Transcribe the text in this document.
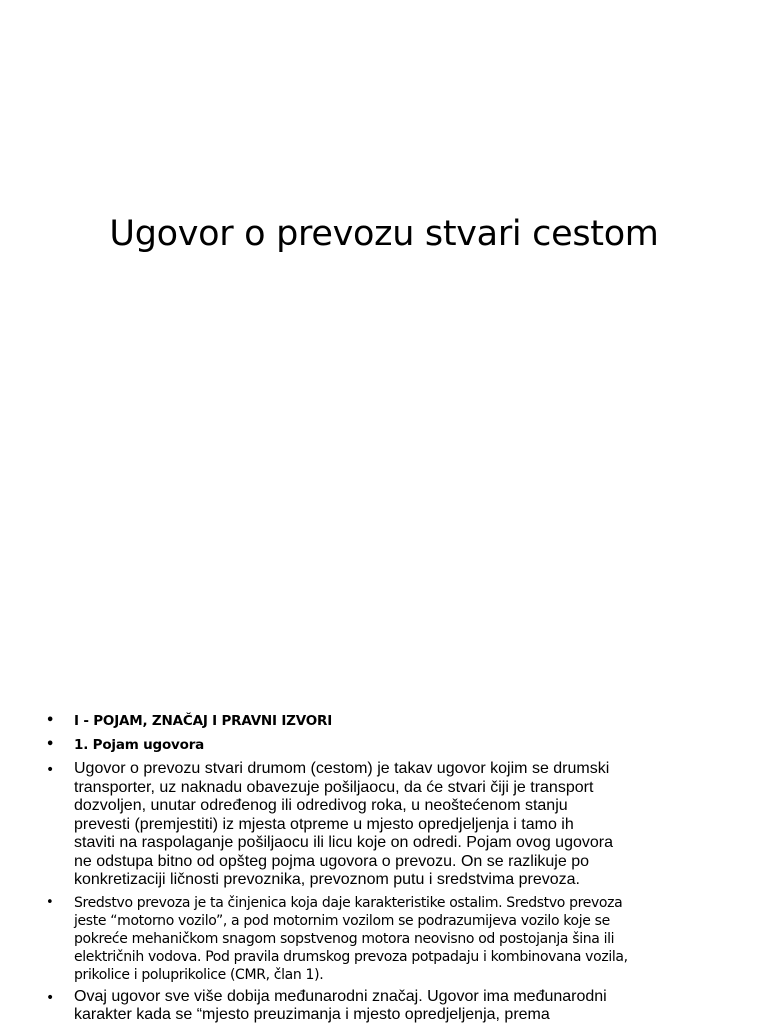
Ugovor o prevozu stvari cestom
• I - POJAM, ZNAČAJ I PRAVNI IZVORI
• 1. Pojam ugovora
• Ugovor o prevozu stvari drumom (cestom) je takav ugovor kojim se drumski
transporter, uz naknadu obavezuje pošiljaocu, da će stvari čiji je transport
dozvoljen, unutar određenog ili odredivog roka, u neoštećenom stanju
prevesti (premjestiti) iz mjesta otpreme u mjesto opredjeljenja i tamo ih
staviti na raspolaganje pošiljaocu ili licu koje on odredi. Pojam ovog ugovora
ne odstupa bitno od opšteg pojma ugovora o prevozu. On se razlikuje po
konkretizaciji ličnosti prevoznika, prevoznom putu i sredstvima prevoza.
• Sredstvo prevoza je ta činjenica koja daje karakteristike ostalim. Sredstvo prevoza
jeste “motorno vozilo”, a pod motornim vozilom se podrazumijeva vozilo koje se
pokreće mehaničkom snagom sopstvenog motora neovisno od postojanja šina ili
električnih vodova. Pod pravila drumskog prevoza potpadaju i kombinovana vozila,
prikolice i poluprikolice (CMR, član 1).
• Ovaj ugovor sve više dobija međunarodni značaj. Ugovor ima međunarodni
karakter kada se “mjesto preuzimanja i mjesto opredjeljenja, prema
